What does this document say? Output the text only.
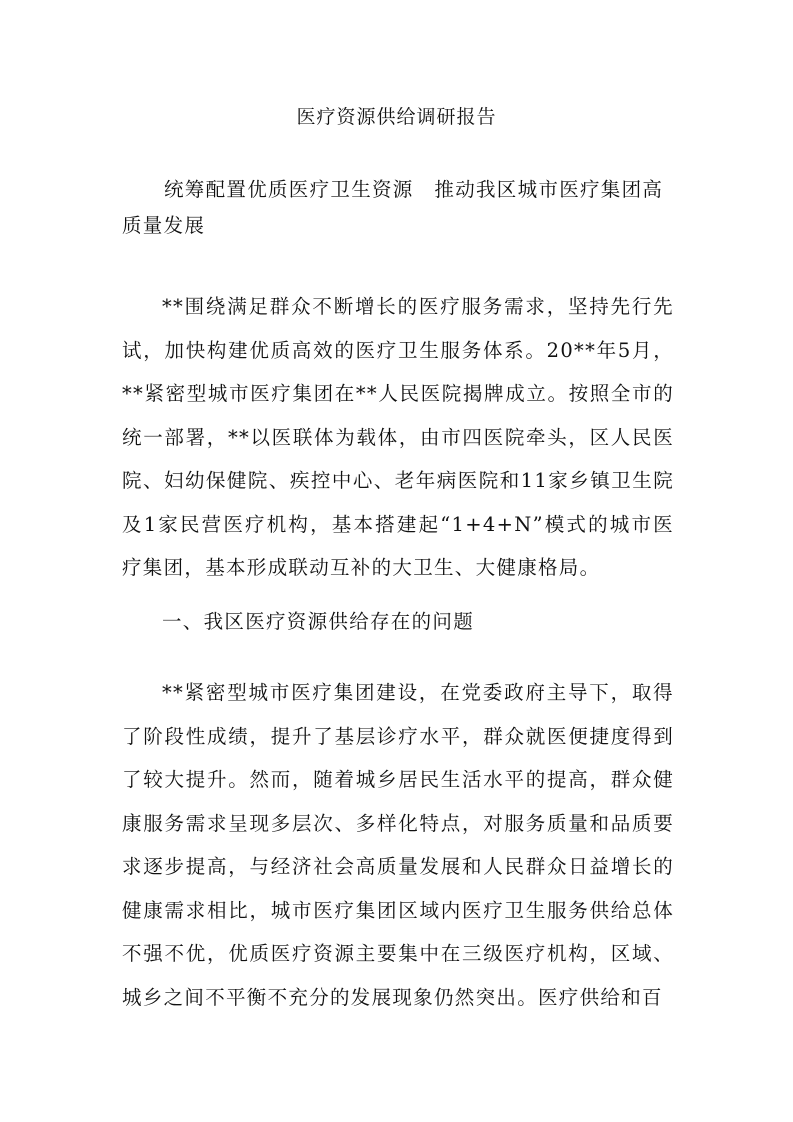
医疗资源供给调研报告

统筹配置优质医疗卫生资源　推动我区城市医疗集团高质量发展

**围绕满足群众不断增长的医疗服务需求，坚持先行先试，加快构建优质高效的医疗卫生服务体系。20**年5月，**紧密型城市医疗集团在**人民医院揭牌成立。按照全市的统一部署，**以医联体为载体，由市四医院牵头，区人民医院、妇幼保健院、疾控中心、老年病医院和11家乡镇卫生院及1家民营医疗机构，基本搭建起“1+4+N”模式的城市医疗集团，基本形成联动互补的大卫生、大健康格局。

一、我区医疗资源供给存在的问题

**紧密型城市医疗集团建设，在党委政府主导下，取得了阶段性成绩，提升了基层诊疗水平，群众就医便捷度得到了较大提升。然而，随着城乡居民生活水平的提高，群众健康服务需求呈现多层次、多样化特点，对服务质量和品质要求逐步提高，与经济社会高质量发展和人民群众日益增长的健康需求相比，城市医疗集团区域内医疗卫生服务供给总体不强不优，优质医疗资源主要集中在三级医疗机构，区域、城乡之间不平衡不充分的发展现象仍然突出。医疗供给和百
